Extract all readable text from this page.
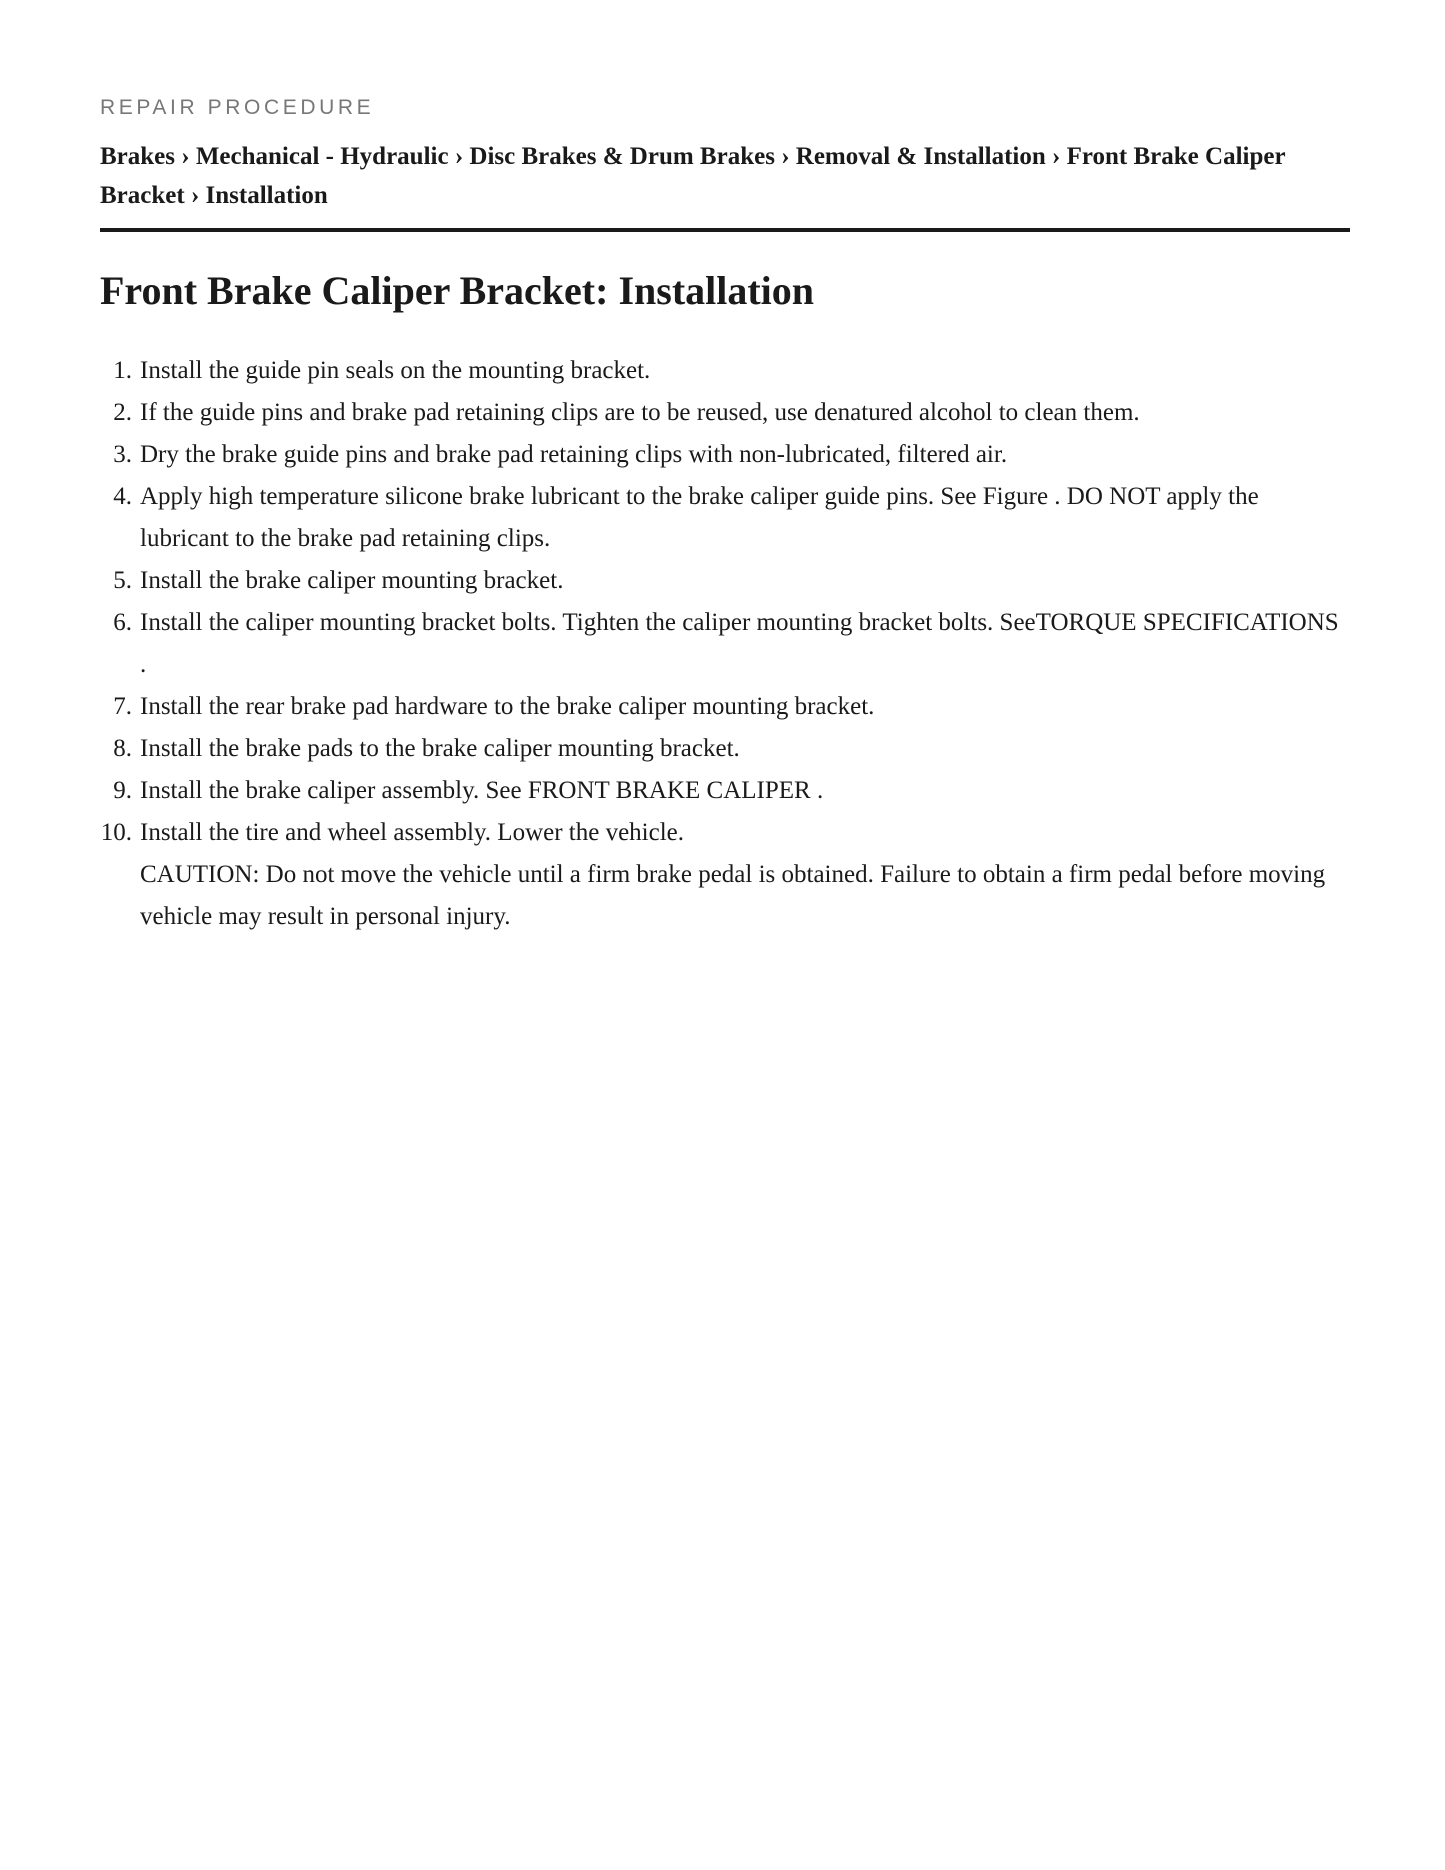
REPAIR PROCEDURE

Brakes › Mechanical - Hydraulic › Disc Brakes & Drum Brakes › Removal & Installation › Front Brake Caliper Bracket › Installation

Front Brake Caliper Bracket: Installation
1. Install the guide pin seals on the mounting bracket.
2. If the guide pins and brake pad retaining clips are to be reused, use denatured alcohol to clean them.
3. Dry the brake guide pins and brake pad retaining clips with non-lubricated, filtered air.
4. Apply high temperature silicone brake lubricant to the brake caliper guide pins. See Figure . DO NOT apply the lubricant to the brake pad retaining clips.
5. Install the brake caliper mounting bracket.
6. Install the caliper mounting bracket bolts. Tighten the caliper mounting bracket bolts. SeeTORQUE SPECIFICATIONS .
7. Install the rear brake pad hardware to the brake caliper mounting bracket.
8. Install the brake pads to the brake caliper mounting bracket.
9. Install the brake caliper assembly. See FRONT BRAKE CALIPER .
10. Install the tire and wheel assembly. Lower the vehicle.
CAUTION: Do not move the vehicle until a firm brake pedal is obtained. Failure to obtain a firm pedal before moving vehicle may result in personal injury.
